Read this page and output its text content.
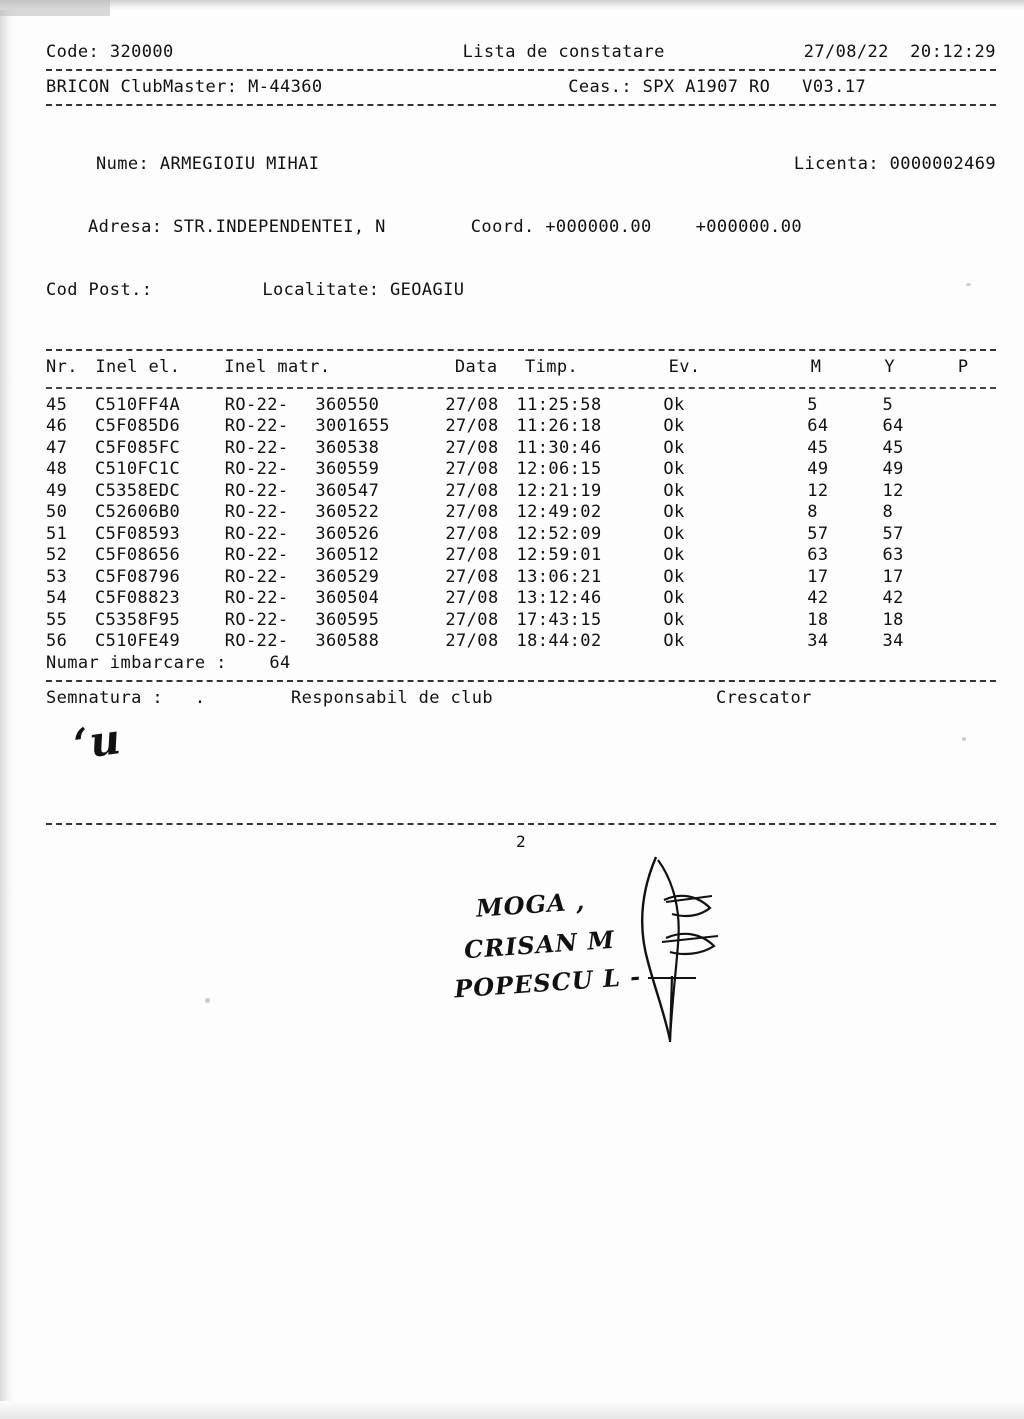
Code: 320000	Lista de constatare	27/08/22 20:12:29
BRICON ClubMaster: M-44360	Ceas.: SPX A1907 RO   V03.17

Nume:
ARMEGIOIU MIHAI	Licenta:
0000002469

Adresa:
STR.INDEPENDENTEI, N	Coord.
+000000.00	+000000.00

Cod Post.:	Localitate:
GEOAGIU

Nr.	Inel el.	Inel matr.		Data	Timp.	Ev.	M	Y	P
45	C510FF4A	RO-22-	360550	27/08	11:25:58	Ok	5	5	
46	C5F085D6	RO-22-	3001655	27/08	11:26:18	Ok	64	64	
47	C5F085FC	RO-22-	360538	27/08	11:30:46	Ok	45	45	
48	C510FC1C	RO-22-	360559	27/08	12:06:15	Ok	49	49	
49	C5358EDC	RO-22-	360547	27/08	12:21:19	Ok	12	12	
50	C52606B0	RO-22-	360522	27/08	12:49:02	Ok	8	8	
51	C5F08593	RO-22-	360526	27/08	12:52:09	Ok	57	57	
52	C5F08656	RO-22-	360512	27/08	12:59:01	Ok	63	63	
53	C5F08796	RO-22-	360529	27/08	13:06:21	Ok	17	17	
54	C5F08823	RO-22-	360504	27/08	13:12:46	Ok	42	42	
55	C5358F95	RO-22-	360595	27/08	17:43:15	Ok	18	18	
56	C510FE49	RO-22-	360588	27/08	18:44:02	Ok	34	34	
Numar imbarcare :	64
Semnatura : .	Responsabil de club	Crescator
ʻu
2
MOGA ,
CRISAN M
POPESCU L -
